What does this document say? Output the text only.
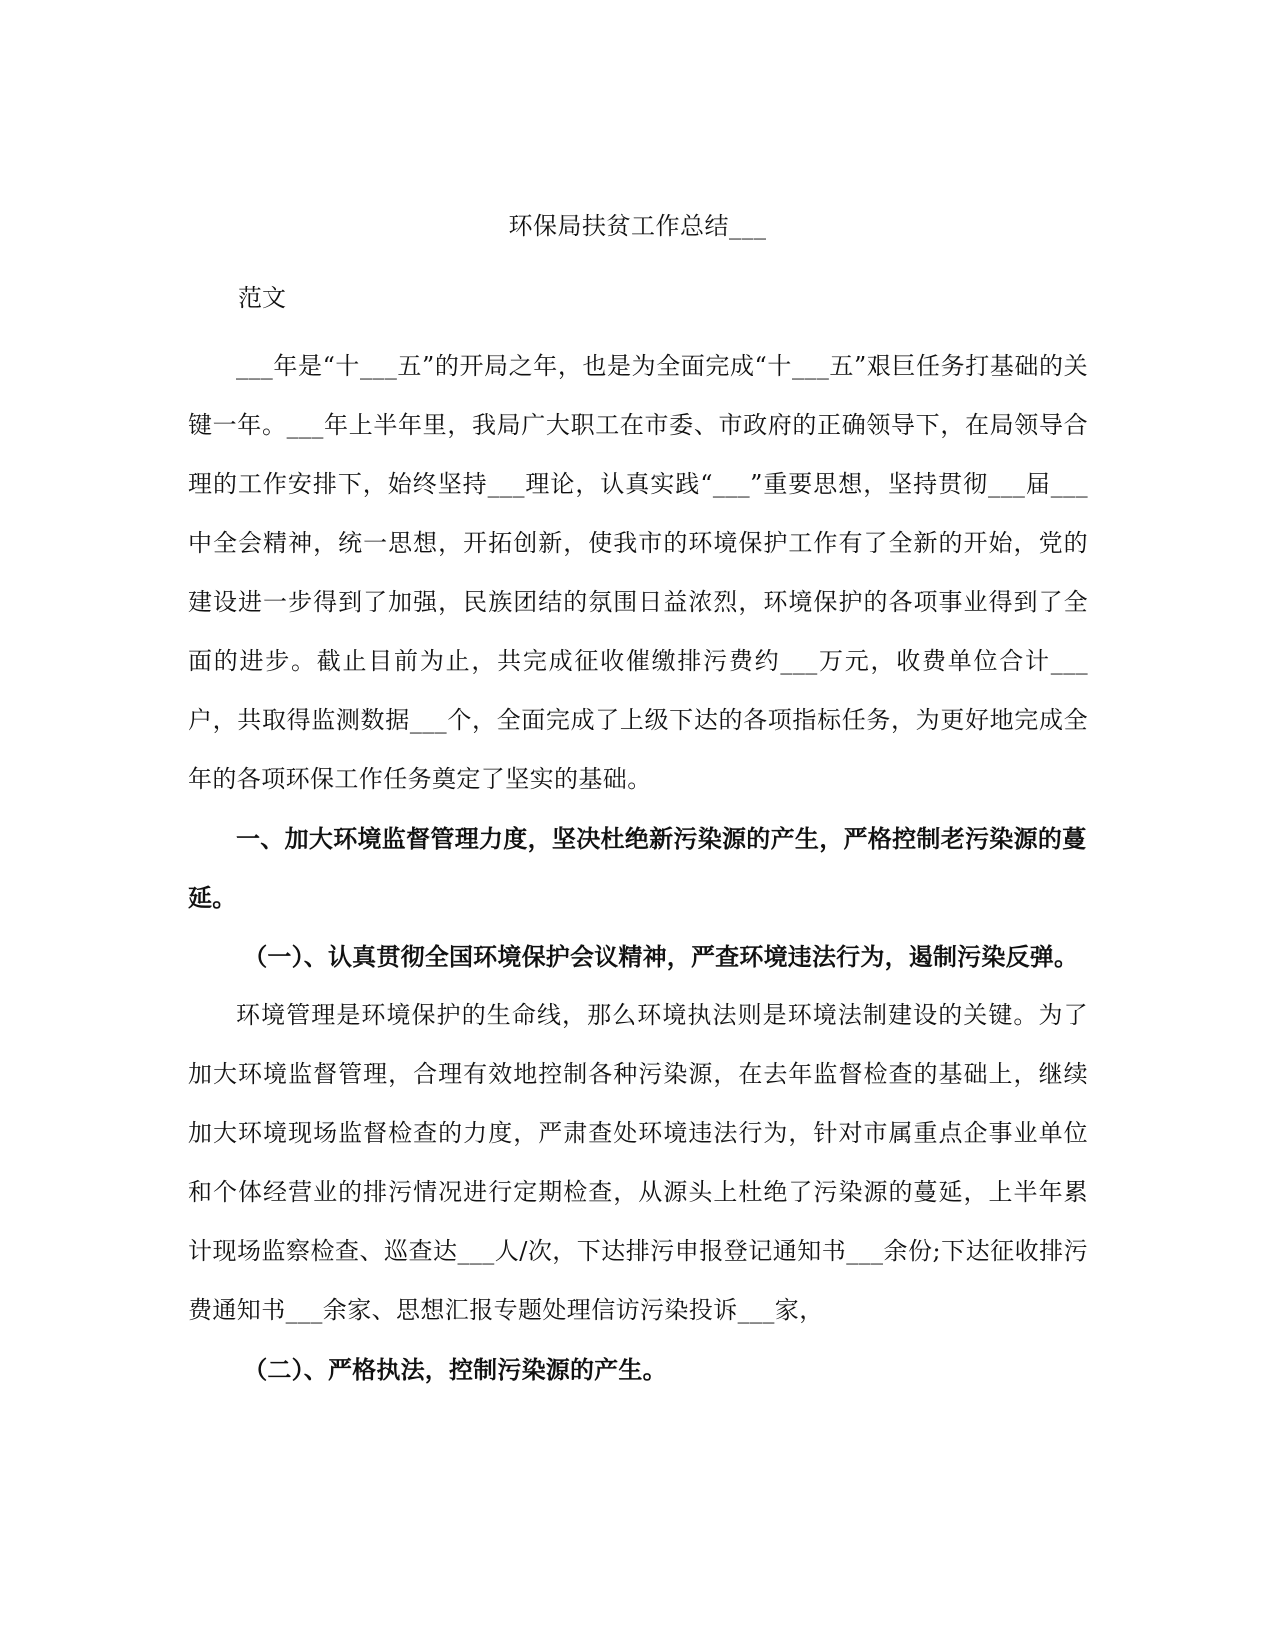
环保局扶贫工作总结___
范文

___年是“十___五”的开局之年，也是为全面完成“十___五”艰巨任务打基础的关键一年。___年上半年里，我局广大职工在市委、市政府的正确领导下，在局领导合理的工作安排下，始终坚持___理论，认真实践“___”重要思想，坚持贯彻___届___中全会精神，统一思想，开拓创新，使我市的环境保护工作有了全新的开始，党的建设进一步得到了加强，民族团结的氛围日益浓烈，环境保护的各项事业得到了全面的进步。截止目前为止，共完成征收催缴排污费约___万元，收费单位合计___户，共取得监测数据___个，全面完成了上级下达的各项指标任务，为更好地完成全年的各项环保工作任务奠定了坚实的基础。

一、加大环境监督管理力度，坚决杜绝新污染源的产生，严格控制老污染源的蔓延。

（一）、认真贯彻全国环境保护会议精神，严查环境违法行为，遏制污染反弹。

环境管理是环境保护的生命线，那么环境执法则是环境法制建设的关键。为了加大环境监督管理，合理有效地控制各种污染源，在去年监督检查的基础上，继续加大环境现场监督检查的力度，严肃查处环境违法行为，针对市属重点企事业单位和个体经营业的排污情况进行定期检查，从源头上杜绝了污染源的蔓延，上半年累计现场监察检查、巡查达___人/次，下达排污申报登记通知书___余份;下达征收排污费通知书___余家、思想汇报专题处理信访污染投诉___家，

（二）、严格执法，控制污染源的产生。
